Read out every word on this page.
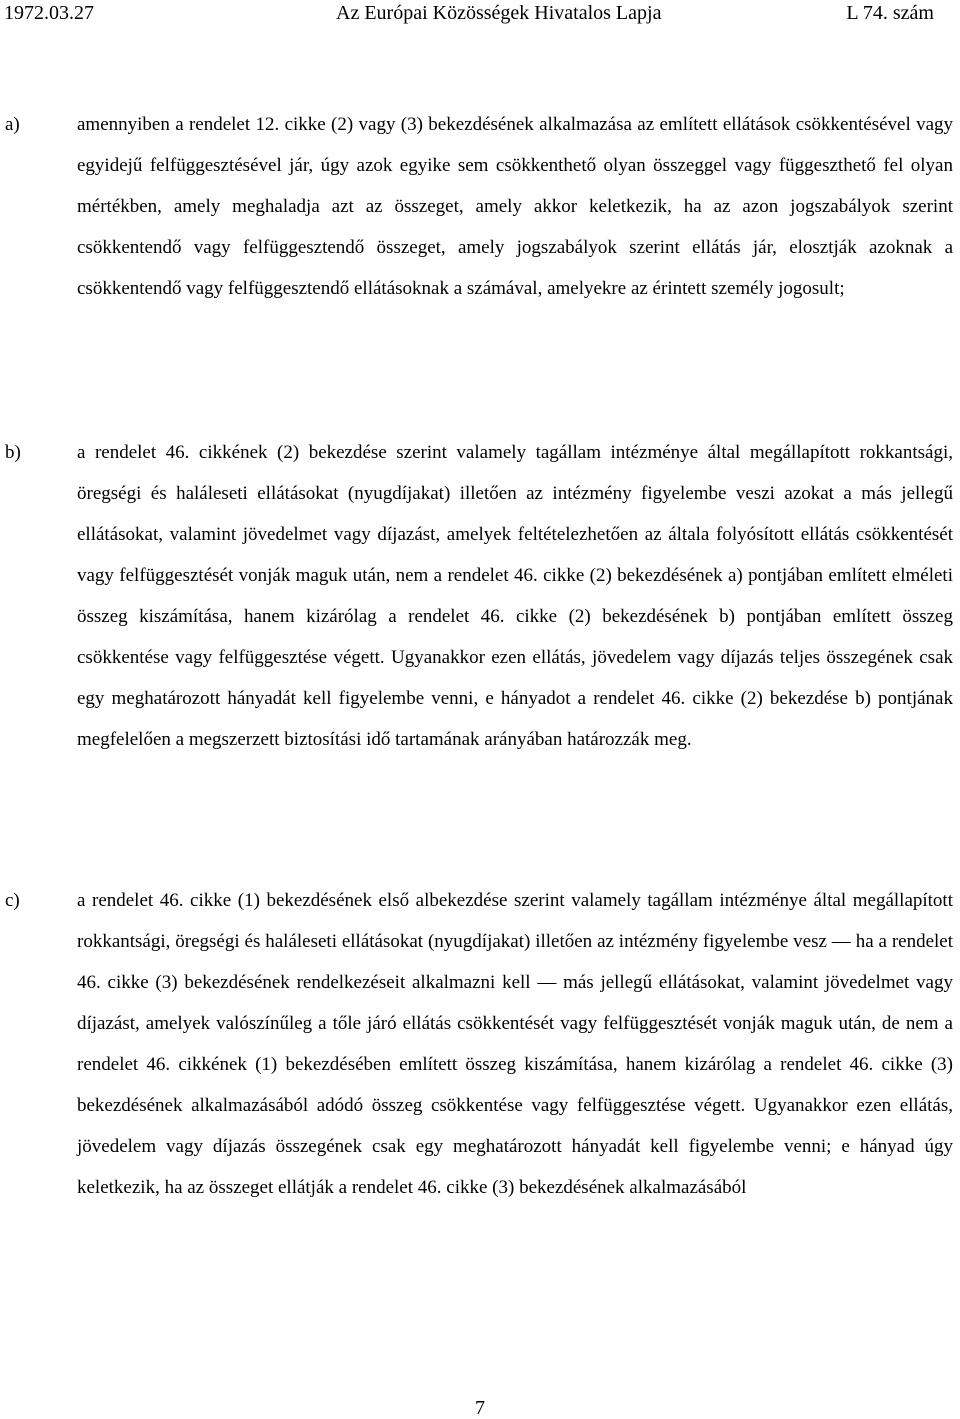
1972.03.27	Az Európai Közösségek Hivatalos Lapja	L 74. szám
a)	amennyiben a rendelet 12. cikke (2) vagy (3) bekezdésének alkalmazása az említett ellátások csökkentésével vagy egyidejű felfüggesztésével jár, úgy azok egyike sem csökkenthető olyan összeggel vagy függeszthető fel olyan mértékben, amely meghaladja azt az összeget, amely akkor keletkezik, ha az azon jogszabályok szerint csökkentendő vagy felfüggesztendő összeget, amely jogszabályok szerint ellátás jár, elosztják azoknak a csökkentendő vagy felfüggesztendő ellátásoknak a számával, amelyekre az érintett személy jogosult;

b)	a rendelet 46. cikkének (2) bekezdése szerint valamely tagállam intézménye által megállapított rokkantsági, öregségi és haláleseti ellátásokat (nyugdíjakat) illetően az intézmény figyelembe veszi azokat a más jellegű ellátásokat, valamint jövedelmet vagy díjazást, amelyek feltételezhetően az általa folyósított ellátás csökkentését vagy felfüggesztését vonják maguk után, nem a rendelet 46. cikke (2) bekezdésének a) pontjában említett elméleti összeg kiszámítása, hanem kizárólag a rendelet 46. cikke (2) bekezdésének b) pontjában említett összeg csökkentése vagy felfüggesztése végett. Ugyanakkor ezen ellátás, jövedelem vagy díjazás teljes összegének csak egy meghatározott hányadát kell figyelembe venni, e hányadot a rendelet 46. cikke (2) bekezdése b) pontjának megfelelően a megszerzett biztosítási idő tartamának arányában határozzák meg.

c)	a rendelet 46. cikke (1) bekezdésének első albekezdése szerint valamely tagállam intézménye által megállapított rokkantsági, öregségi és haláleseti ellátásokat (nyugdíjakat) illetően az intézmény figyelembe vesz — ha a rendelet 46. cikke (3) bekezdésének rendelkezéseit alkalmazni kell — más jellegű ellátásokat, valamint jövedelmet vagy díjazást, amelyek valószínűleg a tőle járó ellátás csökkentését vagy felfüggesztését vonják maguk után, de nem a rendelet 46. cikkének (1) bekezdésében említett összeg kiszámítása, hanem kizárólag a rendelet 46. cikke (3) bekezdésének alkalmazásából adódó összeg csökkentése vagy felfüggesztése végett. Ugyanakkor ezen ellátás, jövedelem vagy díjazás összegének csak egy meghatározott hányadát kell figyelembe venni; e hányad úgy keletkezik, ha az összeget ellátják a rendelet 46. cikke (3) bekezdésének alkalmazásából

7
